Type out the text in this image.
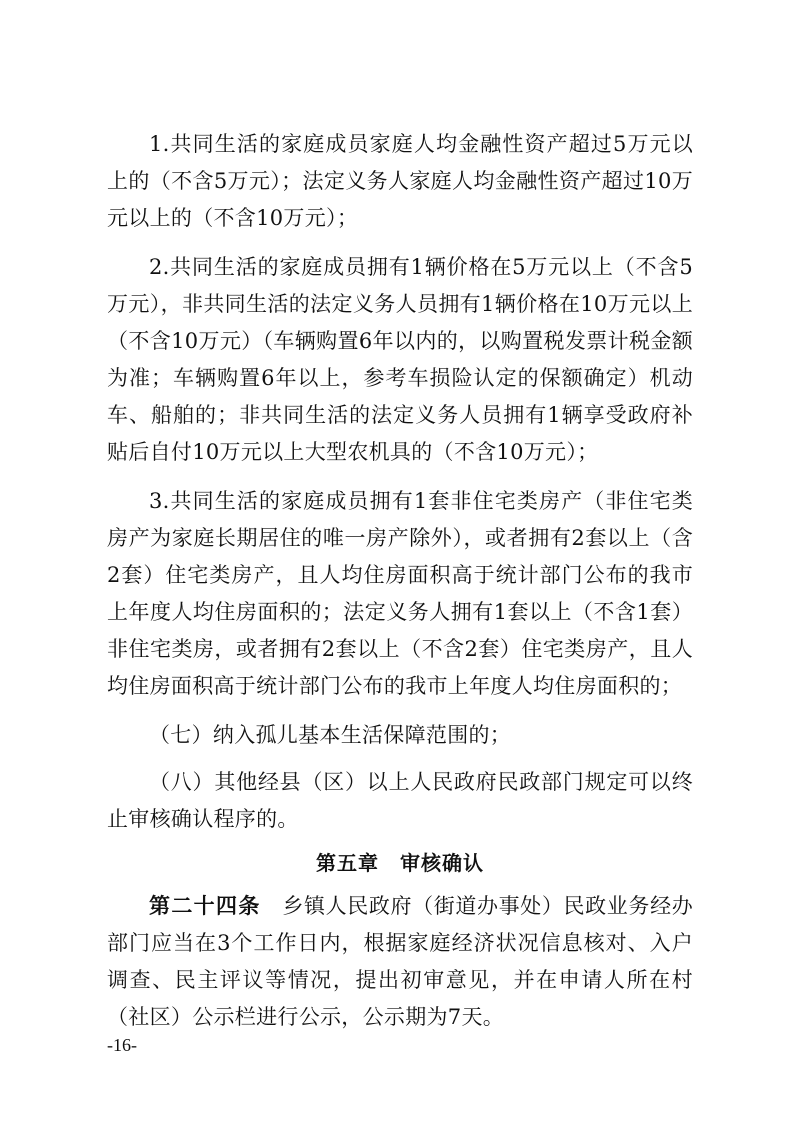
1.共同生活的家庭成员家庭人均金融性资产超过5万元以上的（不含5万元）；法定义务人家庭人均金融性资产超过10万元以上的（不含10万元）；

2.共同生活的家庭成员拥有1辆价格在5万元以上（不含5万元），非共同生活的法定义务人员拥有1辆价格在10万元以上（不含10万元）（车辆购置6年以内的，以购置税发票计税金额为准；车辆购置6年以上，参考车损险认定的保额确定）机动车、船舶的；非共同生活的法定义务人员拥有1辆享受政府补贴后自付10万元以上大型农机具的（不含10万元）；

3.共同生活的家庭成员拥有1套非住宅类房产（非住宅类房产为家庭长期居住的唯一房产除外），或者拥有2套以上（含2套）住宅类房产，且人均住房面积高于统计部门公布的我市上年度人均住房面积的；法定义务人拥有1套以上（不含1套）非住宅类房，或者拥有2套以上（不含2套）住宅类房产，且人均住房面积高于统计部门公布的我市上年度人均住房面积的；

（七）纳入孤儿基本生活保障范围的；

（八）其他经县（区）以上人民政府民政部门规定可以终止审核确认程序的。

第五章　审核确认

第二十四条　 乡镇人民政府（街道办事处）民政业务经办部门应当在3个工作日内，根据家庭经济状况信息核对、入户调查、民主评议等情况，提出初审意见，并在申请人所在村（社区）公示栏进行公示，公示期为7天。

-16-
